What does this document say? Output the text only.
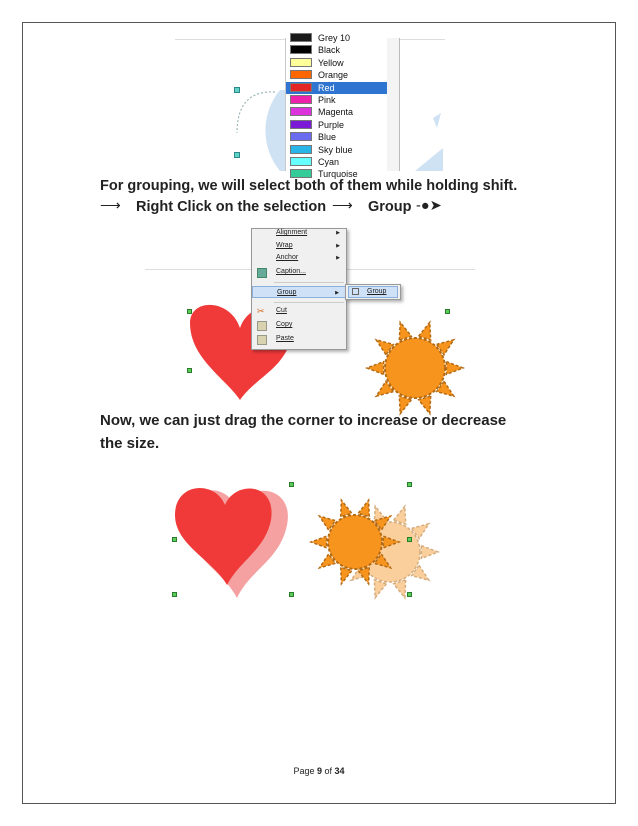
Grey 10
Black
Yellow
Orange
Red
Pink
Magenta
Purple
Blue
Sky blue
Cyan
Turquoise
For grouping, we will select both of them while holding shift.
⟶ Right Click on the selection ⟶ Group -●➤
Alignment	▶
Wrap	▶
Anchor	▶
Caption...
Group	▶
✂ Cut
Copy
Paste
Group
Now, we can just drag the corner to increase or decrease the size.
Page 9 of 34
